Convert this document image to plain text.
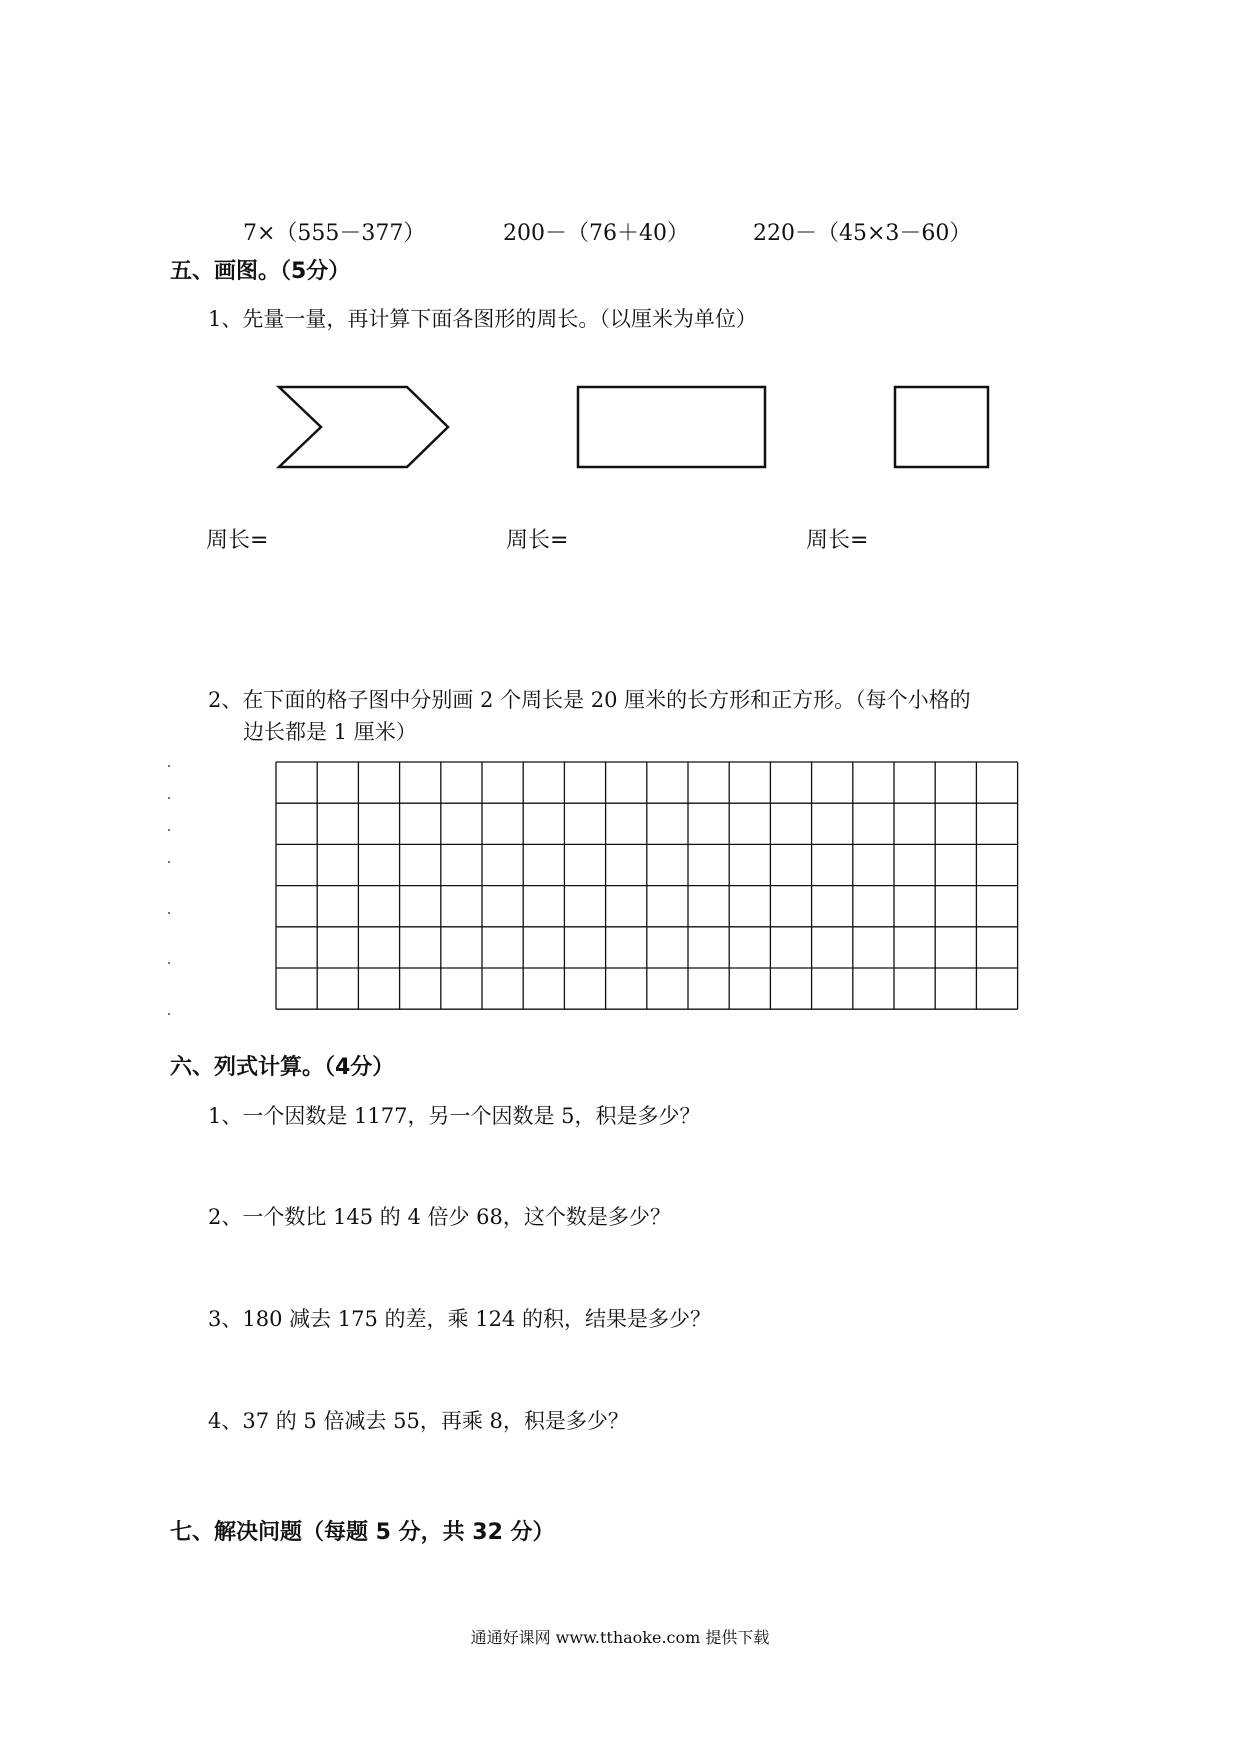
7×（555－377）	200－（76＋40）	220－（45×3－60）
五、画图。（5分）
1、先量一量，再计算下面各图形的周长。（以厘米为单位）
周长=	周长=	周长=
2、在下面的格子图中分别画 2 个周长是 20 厘米的长方形和正方形。（每个小格的
边长都是 1 厘米）
六、列式计算。（4分）
1、一个因数是 1177，另一个因数是 5，积是多少？
2、一个数比 145 的 4 倍少 68，这个数是多少？
3、180 减去 175 的差，乘 124 的积，结果是多少？
4、37 的 5 倍减去 55，再乘 8，积是多少？
七、解决问题（每题 5 分，共 32 分）
通通好课网 www.tthaoke.com 提供下载
